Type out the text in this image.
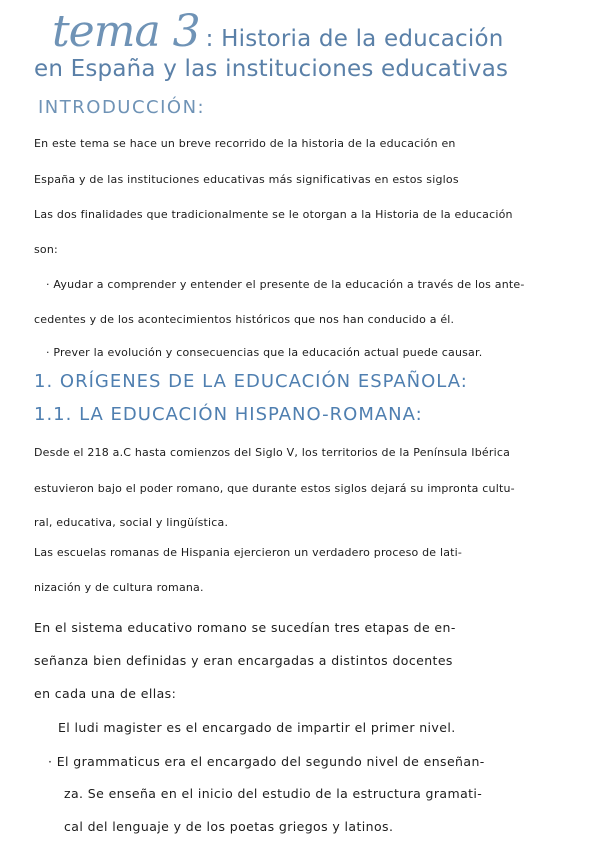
tema 3 : Historia de la educación
en España y las instituciones educativas
INTRODUCCIÓN:
En este tema se hace un breve recorrido de la historia de la educación en
España y de las instituciones educativas más significativas en estos siglos
Las dos finalidades que tradicionalmente se le otorgan a la Historia de la educación
son:
· Ayudar a comprender y entender el presente de la educación a través de los ante-
cedentes y de los acontecimientos históricos que nos han conducido a él.
· Prever la evolución y consecuencias que la educación actual puede causar.
1. ORÍGENES DE LA EDUCACIÓN ESPAÑOLA:
1.1. LA EDUCACIÓN HISPANO-ROMANA:
Desde el 218 a.C hasta comienzos del Siglo V, los territorios de la Península Ibérica
estuvieron bajo el poder romano, que durante estos siglos dejará su impronta cultu-
ral, educativa, social y lingüística.
Las escuelas romanas de Hispania ejercieron un verdadero proceso de lati-
nización y de cultura romana.
En el sistema educativo romano se sucedían tres etapas de en-
señanza bien definidas y eran encargadas a distintos docentes
en cada una de ellas:
El ludi magister es el encargado de impartir el primer nivel.
· El grammaticus era el encargado del segundo nivel de enseñan-
za. Se enseña en el inicio del estudio de la estructura gramati-
cal del lenguaje y de los poetas griegos y latinos.
